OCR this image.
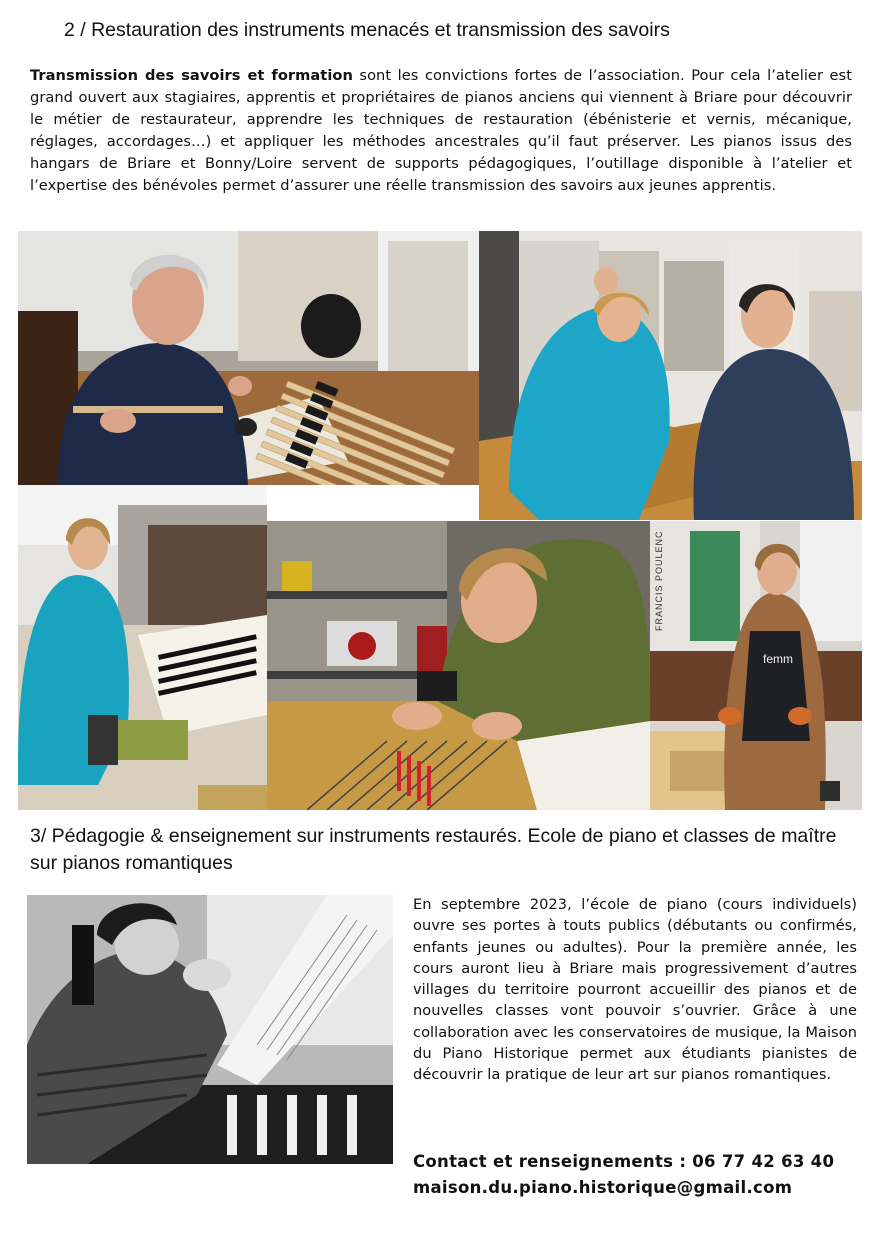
2 / Restauration des instruments menacés et transmission des savoirs

Transmission des savoirs et formation sont les convictions fortes de l’association. Pour cela l’atelier est grand ouvert aux stagiaires, apprentis et propriétaires de pianos anciens qui viennent à Briare pour découvrir le métier de restaurateur, apprendre les techniques de restauration (ébénisterie et vernis, mécanique, réglages, accordages…) et appliquer les méthodes ancestrales qu’il faut préserver. Les pianos issus des hangars de Briare et Bonny/Loire servent de supports pédagogiques, l’outillage disponible à l’atelier et l’expertise des bénévoles permet d’assurer une réelle transmission des savoirs aux jeunes apprentis.

FRANCIS POULENC
femm
3/ Pédagogie & enseignement sur instruments restaurés. Ecole de piano et classes de maître sur pianos romantiques

En septembre 2023, l’école de piano (cours individuels) ouvre ses portes à touts publics (débutants ou confirmés, enfants jeunes ou adultes). Pour la première année, les cours auront lieu à Briare mais progressivement d’autres villages du territoire pourront accueillir des pianos et de nouvelles classes vont pouvoir s’ouvrier. Grâce à une collaboration avec les conservatoires de musique, la Maison du Piano Historique permet aux étudiants pianistes de découvrir la pratique de leur art sur pianos romantiques.

Contact et renseignements : 06 77 42 63 40

maison.du.piano.historique@gmail.com
